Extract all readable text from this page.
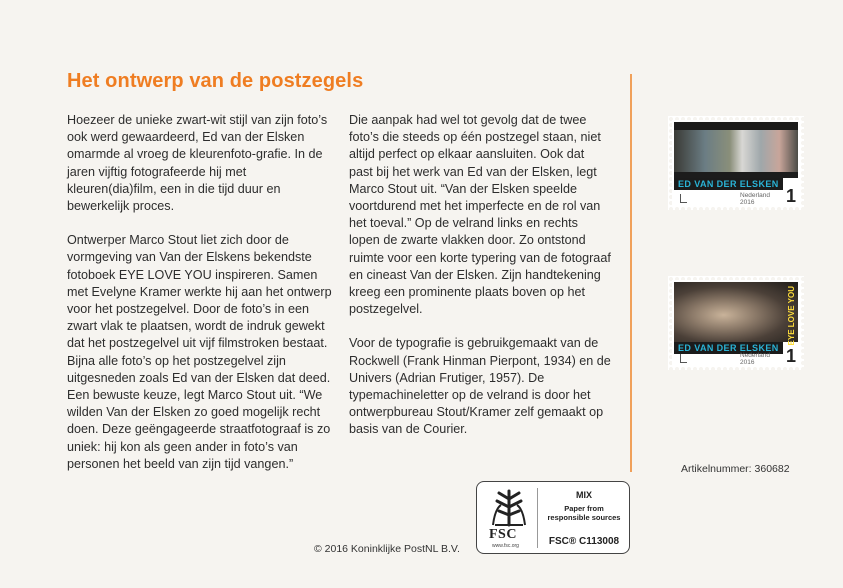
Het ontwerp van de postzegels

Hoezeer de unieke zwart-wit stijl van zijn foto’s ook werd gewaardeerd, Ed van der Elsken omarmde al vroeg de kleurenfoto-grafie. In de jaren vijftig fotografeerde hij met kleuren(dia)film, een in die tijd duur en bewerkelijk proces.

Ontwerper Marco Stout liet zich door de vormgeving van Van der Elskens bekendste fotoboek EYE LOVE YOU inspireren. Samen met Evelyne Kramer werkte hij aan het ontwerp voor het postzegelvel. Door de foto’s in een zwart vlak te plaatsen, wordt de indruk gewekt dat het postzegelvel uit vijf filmstroken bestaat. Bijna alle foto’s op het postzegelvel zijn uitgesneden zoals Ed van der Elsken dat deed. Een bewuste keuze, legt Marco Stout uit. “We wilden Van der Elsken zo goed mogelijk recht doen. Deze geëngageerde straatfotograaf is zo uniek: hij kon als geen ander in foto’s van personen het beeld van zijn tijd vangen.”

Die aanpak had wel tot gevolg dat de twee foto’s die steeds op één postzegel staan, niet altijd perfect op elkaar aansluiten. Ook dat past bij het werk van Ed van der Elsken, legt Marco Stout uit. “Van der Elsken speelde voortdurend met het imperfecte en de rol van het toeval.” Op de velrand links en rechts lopen de zwarte vlakken door. Zo ontstond ruimte voor een korte typering van de fotograaf en cineast Van der Elsken. Zijn handtekening kreeg een prominente plaats boven op het postzegelvel.

Voor de typografie is gebruikgemaakt van de Rockwell (Frank Hinman Pierpont, 1934) en de Univers (Adrian Frutiger, 1957). De typemachineletter op de velrand is door het ontwerpbureau Stout/Kramer zelf gemaakt op basis van de Courier.

ED VAN DER ELSKEN
Nederland
2016	1
EYE LOVE YOU
ED VAN DER ELSKEN
Nederland
2016	1
Artikelnummer: 360682
FSC
www.fsc.org
MIX
Paper from
responsible sources
FSC® C113008
© 2016 Koninklijke PostNL B.V.
